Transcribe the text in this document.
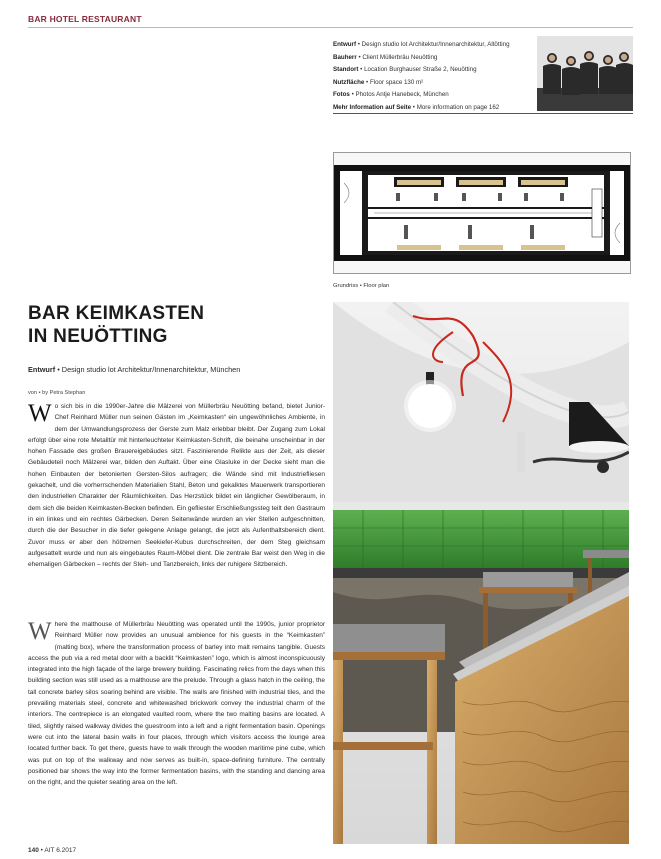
BAR HOTEL RESTAURANT
Entwurf • Design studio lot Architektur/Innenarchitektur, Altötting
Bauherr • Client Müllerbräu Neuötting
Standort • Location Burghauser Straße 2, Neuötting
Nutzfläche • Floor space 130 m²
Fotos • Photos Antje Hanebeck, München
Mehr Information auf Seite • More information on page 162
Grundriss • Floor plan
BAR KEIMKASTEN
IN NEUÖTTING
Entwurf • Design studio lot Architektur/Innenarchitektur, München
von • by Petra Stephan
Wo sich bis in die 1990er-Jahre die Mälzerei von Müllerbräu Neuötting befand, bietet Junior-Chef Reinhard Müller nun seinen Gästen im „Keimkasten“ ein ungewöhnliches Ambiente, in dem der Umwandlungsprozess der Gerste zum Malz erlebbar bleibt. Der Zugang zum Lokal erfolgt über eine rote Metalltür mit hinterleuchteter Keimkasten-Schrift, die beinahe unscheinbar in der hohen Fassade des großen Brauereigebäudes sitzt. Faszinierende Relikte aus der Zeit, als dieser Gebäudeteil noch Mälzerei war, bilden den Auftakt. Über eine Glasluke in der Decke sieht man die hohen Einbauten der betonierten Gersten-Silos aufragen; die Wände sind mit Industriefliesen gekachelt, und die vorherrschenden Materialien Stahl, Beton und gekalktes Mauerwerk transportieren den industriellen Charakter der Räumlichkeiten. Das Herzstück bildet ein länglicher Gewölberaum, in dem sich die beiden Keimkasten-Becken befinden. Ein gefliester Erschließungssteg teilt den Gastraum in ein linkes und ein rechtes Gärbecken. Deren Seitenwände wurden an vier Stellen aufgeschnitten, durch die der Besucher in die tiefer gelegene Anlage gelangt, die jetzt als Aufenthaltsbereich dient. Zuvor muss er aber den hölzernen Seekiefer-Kubus durchschreiten, der dem Steg gleichsam aufgesattelt wurde und nun als eingebautes Raum-Möbel dient. Die zentrale Bar weist den Weg in die ehemaligen Gärbecken – rechts der Steh- und Tanzbereich, links der ruhigere Sitzbereich.
Where the malthouse of Müllerbräu Neuötting was operated until the 1990s, junior proprietor Reinhard Müller now provides an unusual ambience for his guests in the “Keimkasten” (malting box), where the transformation process of barley into malt remains tangible. Guests access the pub via a red metal door with a backlit “Keimkasten” logo, which is almost inconspicuously integrated into the high façade of the large brewery building. Fascinating relics from the days when this building section was still used as a malthouse are the prelude. Through a glass hatch in the ceiling, the tall concrete barley silos soaring behind are visible. The walls are finished with industrial tiles, and the prevailing materials steel, concrete and whitewashed brickwork convey the industrial charm of the interiors. The centrepiece is an elongated vaulted room, where the two malting basins are located. A tiled, slightly raised walkway divides the guestroom into a left and a right fermentation basin. Openings were cut into the lateral basin walls in four places, through which visitors access the lounge area located further back. To get there, guests have to walk through the wooden maritime pine cube, which was put on top of the walkway and now serves as built-in, space-defining furniture. The centrally positioned bar shows the way into the former fermentation basins, with the standing and dancing area on the right, and the quieter seating area on the left.
140 • AIT 6.2017
